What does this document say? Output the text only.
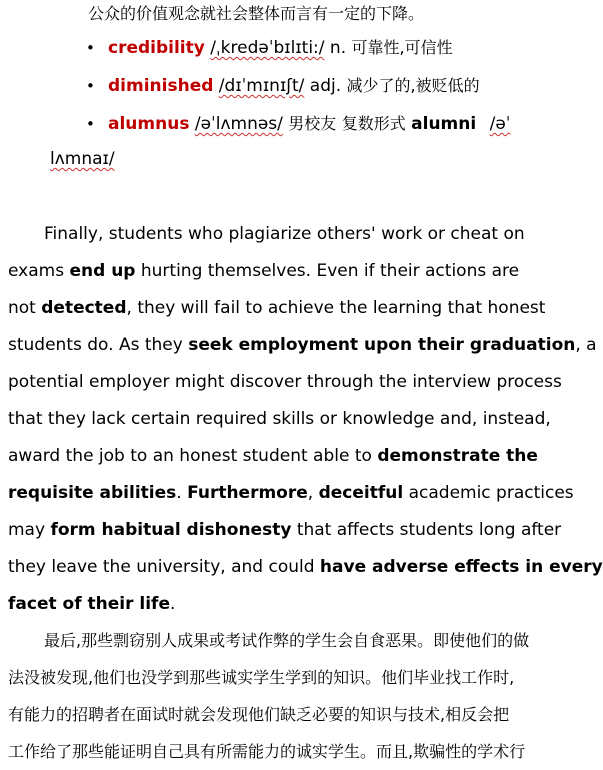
公众的价值观念就社会整体而言有一定的下降。
• credibility /ˌkredəˈbɪlɪti:/ n. 可靠性,可信性
• diminished /dɪˈmɪnɪʃt/ adj. 减少了的,被贬低的
• alumnus /əˈlʌmnəs/ 男校友 复数形式 alumni /əˈ
lʌmnaɪ/
Finally, students who plagiarize others' work or cheat on
exams end up hurting themselves. Even if their actions are
not detected, they will fail to achieve the learning that honest
students do. As they seek employment upon their graduation, a
potential employer might discover through the interview process
that they lack certain required skills or knowledge and, instead,
award the job to an honest student able to demonstrate the
requisite abilities. Furthermore, deceitful academic practices
may form habitual dishonesty that affects students long after
they leave the university, and could have adverse effects in every
facet of their life.
最后,那些剽窃别人成果或考试作弊的学生会自食恶果。即使他们的做
法没被发现,他们也没学到那些诚实学生学到的知识。他们毕业找工作时,
有能力的招聘者在面试时就会发现他们缺乏必要的知识与技术,相反会把
工作给了那些能证明自己具有所需能力的诚实学生。而且,欺骗性的学术行
